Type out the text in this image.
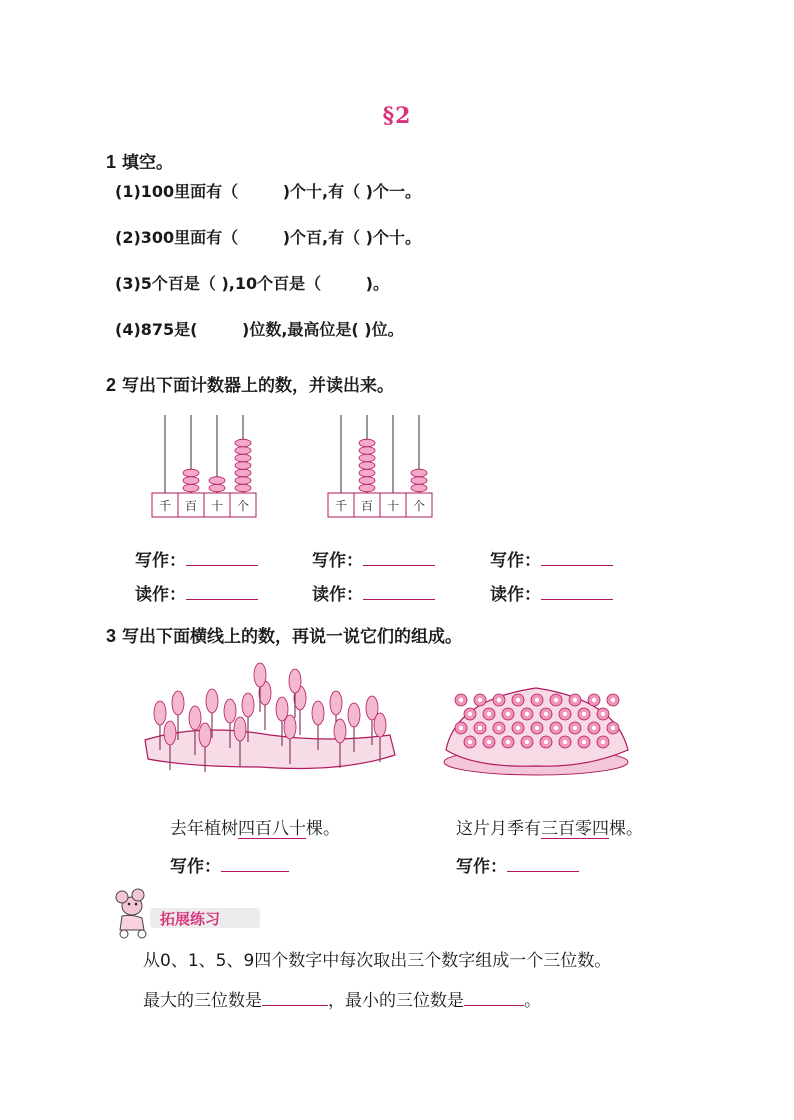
§2
1 填空。
(1)100里面有（        )个十,有（ )个一。
(2)300里面有（        )个百,有（ )个十。
(3)5个百是（ ),10个百是（        )。
(4)875是(        )位数,最高位是( )位。
2 写出下面计数器上的数，并读出来。
千 百 十 个	千 百 十 个
写作：	写作：	写作：
读作：	读作：	读作：
3 写出下面横线上的数，再说一说它们的组成。
去年植树四百八十棵。	这片月季有三百零四棵。
写作：	写作：
拓展练习
从0、1、5、9四个数字中每次取出三个数字组成一个三位数。
最大的三位数是	，最小的三位数是	。
